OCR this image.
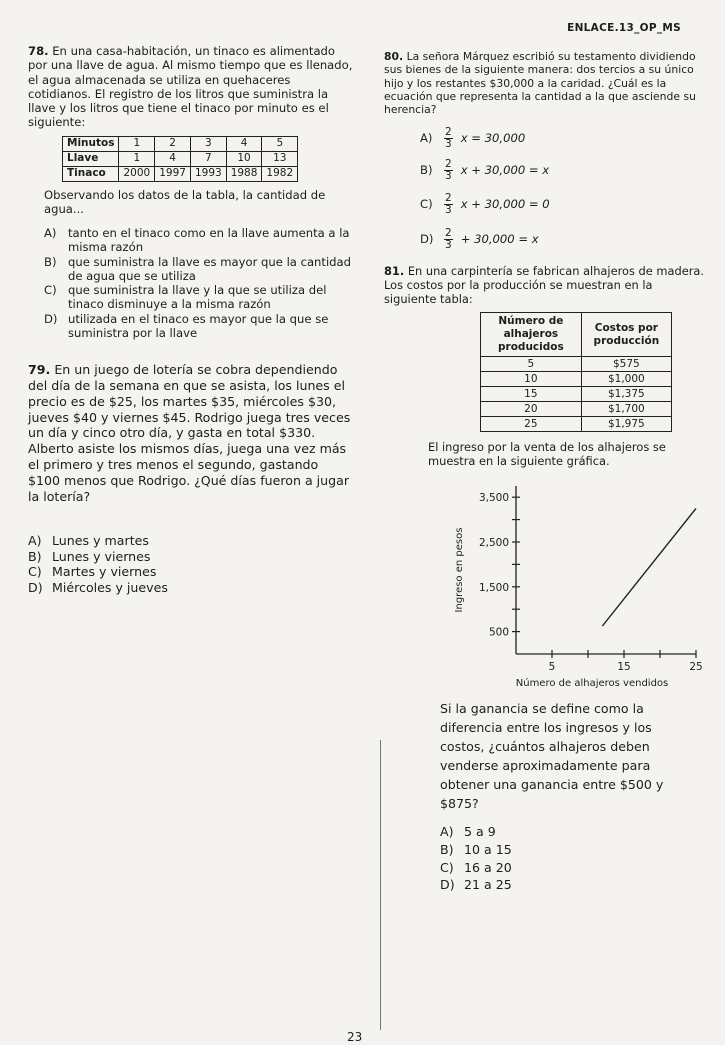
ENLACE.13_OP_MS

78. En una casa-habitación, un tinaco es alimentado por una llave de agua. Al mismo tiempo que es llenado, el agua almacenada se utiliza en quehaceres cotidianos. El registro de los litros que suministra la llave y los litros que tiene el tinaco por minuto es el siguiente:

Minutos	1	2	3	4	5
Llave	1	4	7	10	13
Tinaco	2000	1997	1993	1988	1982

Observando los datos de la tabla, la cantidad de agua...

A) tanto en el tinaco como en la llave aumenta a la misma razón
B) que suministra la llave es mayor que la cantidad de agua que se utiliza
C) que suministra la llave y la que se utiliza del tinaco disminuye a la misma razón
D) utilizada en el tinaco es mayor que la que se suministra por la llave

79. En un juego de lotería se cobra dependiendo del día de la semana en que se asista, los lunes el precio es de $25, los martes $35, miércoles $30, jueves $40 y viernes $45. Rodrigo juega tres veces un día y cinco otro día, y gasta en total $330. Alberto asiste los mismos días, juega una vez más el primero y tres menos el segundo, gastando $100 menos que Rodrigo. ¿Qué días fueron a jugar la lotería?

A) Lunes y martes
B) Lunes y viernes
C) Martes y viernes
D) Miércoles y jueves

80. La señora Márquez escribió su testamento dividiendo sus bienes de la siguiente manera: dos tercios a su único hijo y los restantes $30,000 a la caridad. ¿Cuál es la ecuación que representa la cantidad a la que asciende su herencia?

A)	$\frac{2}{3}$ x = 30,000
B)	$\frac{2}{3}$ x + 30,000 = x
C)	$\frac{2}{3}$ x + 30,000 = 0
D)	$\frac{2}{3} + 30,000 = x$

81. En una carpintería se fabrican alhajeros de madera. Los costos por la producción se muestran en la siguiente tabla:

Número de alhajeros producidos	Costos por producción
5	$575
10	$1,000
15	$1,375
20	$1,700
25	$1,975

El ingreso por la venta de los alhajeros se muestra en la siguiente gráfica.

5	15	25
500
1,500
2,500
3,500
Ingreso en pesos
Número de alhajeros vendidos

Si la ganancia se define como la diferencia entre los ingresos y los costos, ¿cuántos alhajeros deben venderse aproximadamente para obtener una ganancia entre $500 y $875?

A) 5 a 9
B) 10 a 15
C) 16 a 20
D) 21 a 25
23
